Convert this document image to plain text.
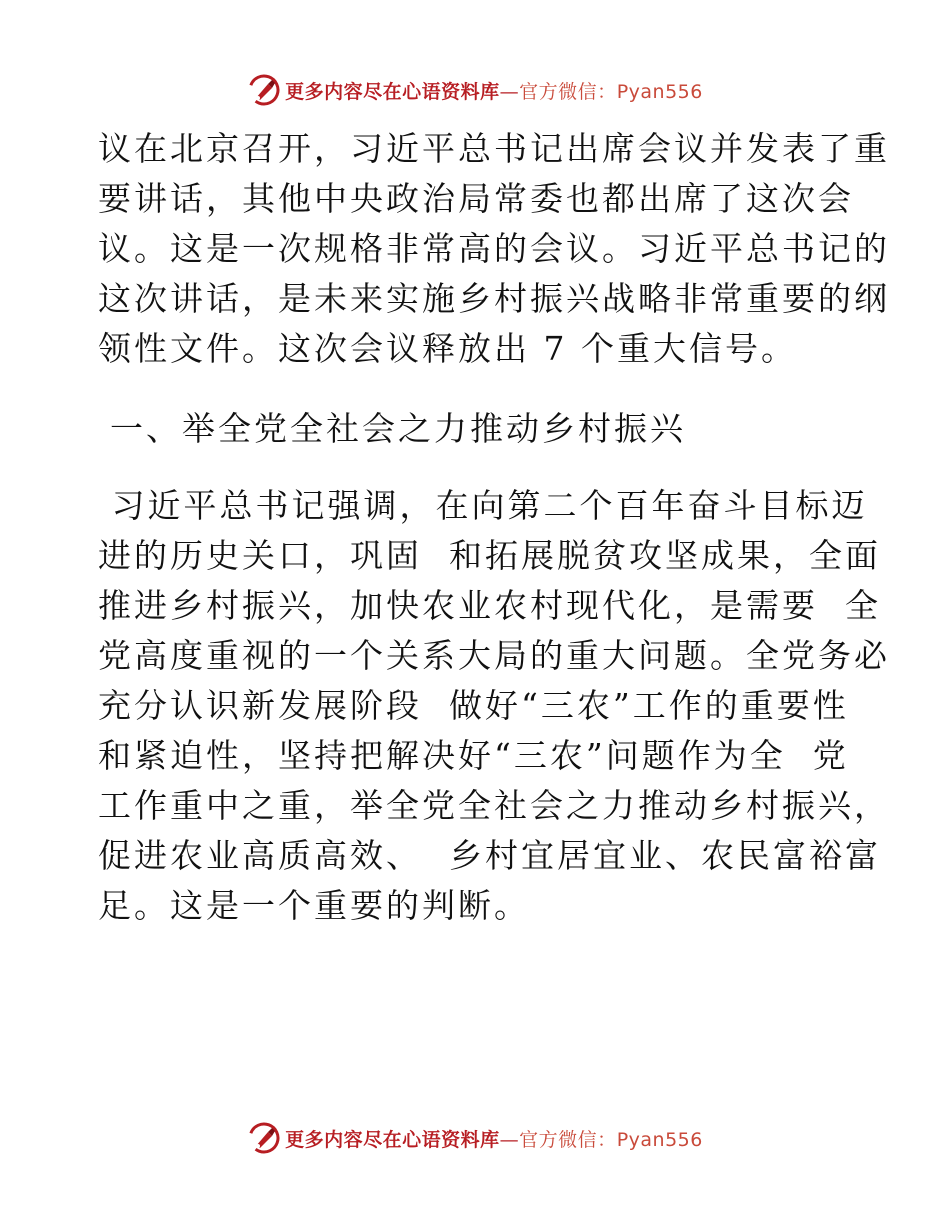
更多内容尽在心语资料库—官方微信：Pyan556
议在北京召开，习近平总书记出席会议并发表了重
要讲话，其他中央政治局常委也都出席了这次会
议。这是一次规格非常高的会议。习近平总书记的
这次讲话，是未来实施乡村振兴战略非常重要的纲
领性文件。这次会议释放出 7 个重大信号。
一、举全党全社会之力推动乡村振兴
习近平总书记强调，在向第二个百年奋斗目标迈
进的历史关口，巩固  和拓展脱贫攻坚成果，全面
推进乡村振兴，加快农业农村现代化，是需要  全
党高度重视的一个关系大局的重大问题。全党务必
充分认识新发展阶段  做好“三农”工作的重要性
和紧迫性，坚持把解决好“三农”问题作为全  党
工作重中之重，举全党全社会之力推动乡村振兴，
促进农业高质高效、  乡村宜居宜业、农民富裕富
足。这是一个重要的判断。
更多内容尽在心语资料库—官方微信：Pyan556
